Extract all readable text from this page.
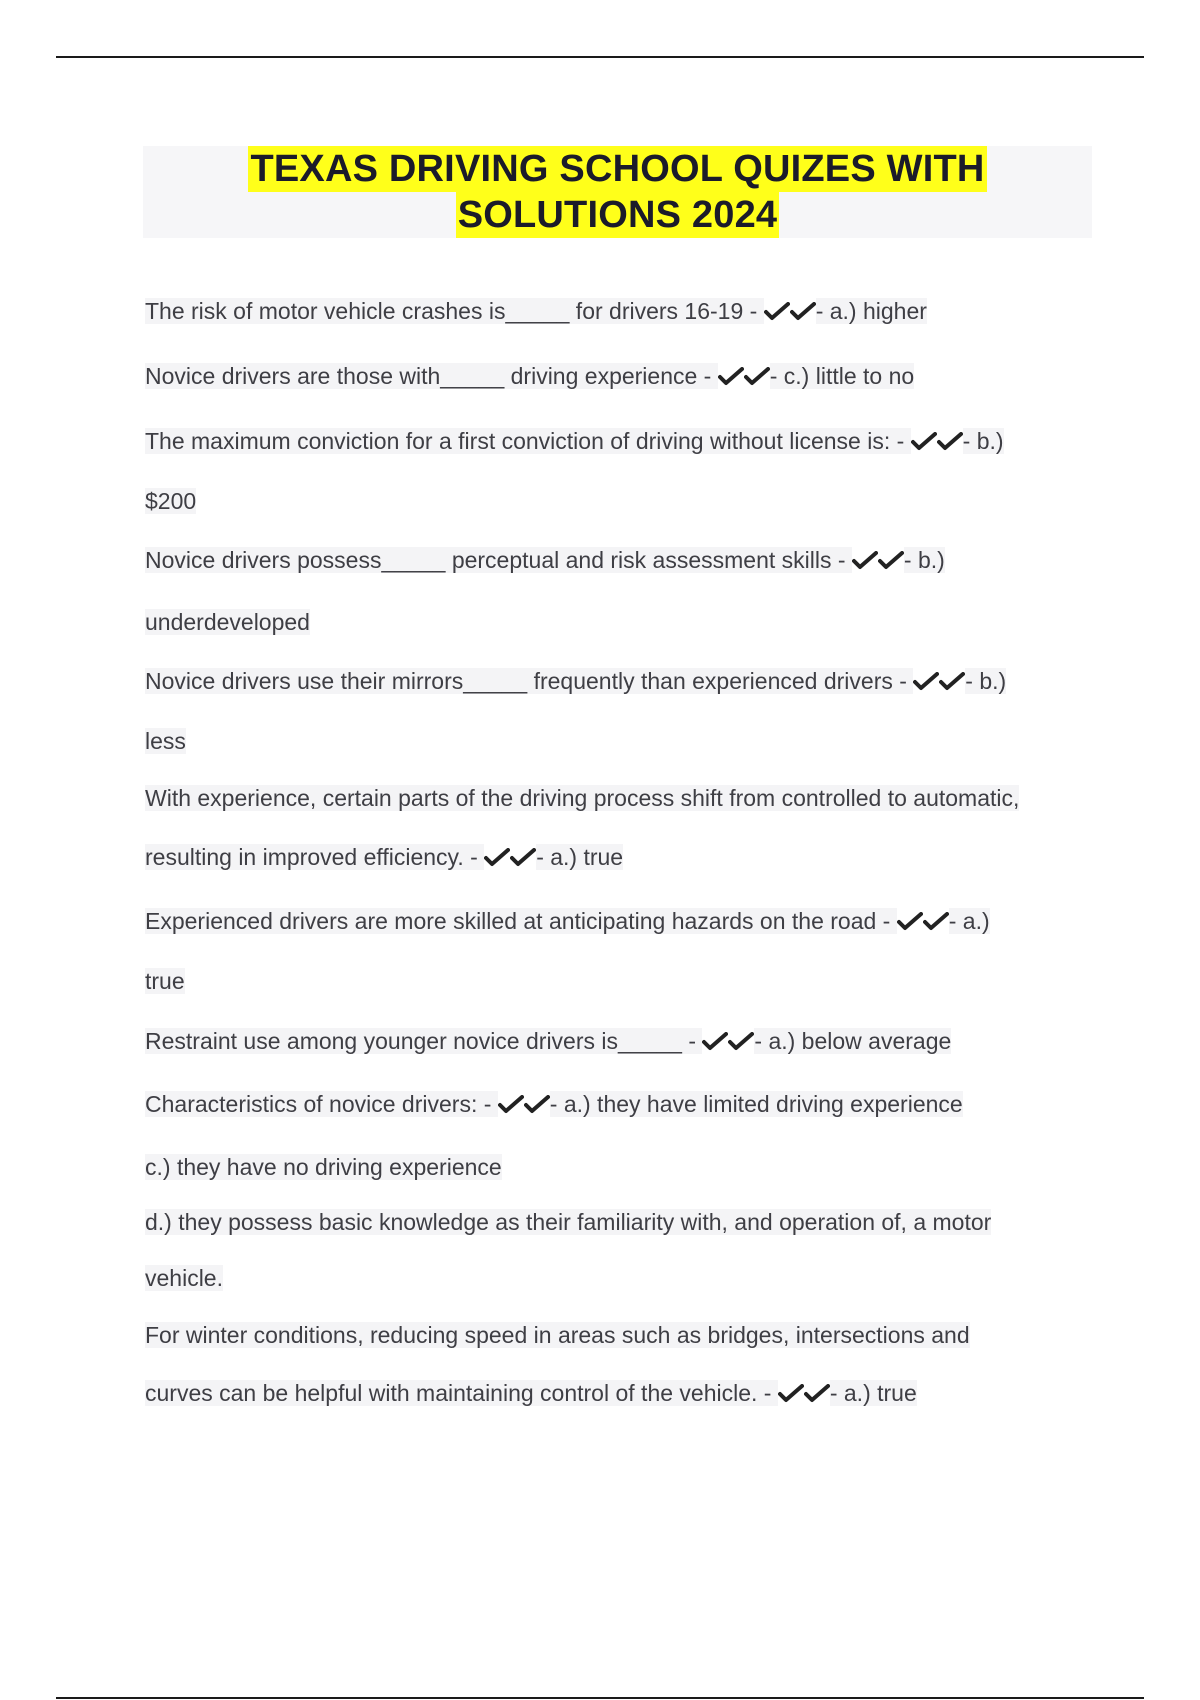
TEXAS DRIVING SCHOOL QUIZES WITH
SOLUTIONS 2024
The risk of motor vehicle crashes is_____ for drivers 16-19 -
- a.) higher
Novice drivers are those with_____ driving experience -
- c.) little to no
The maximum conviction for a first conviction of driving without license is: -
- b.)
$200
Novice drivers possess_____ perceptual and risk assessment skills -
- b.)
underdeveloped
Novice drivers use their mirrors_____ frequently than experienced drivers -
- b.)
less
With experience, certain parts of the driving process shift from controlled to automatic,
resulting in improved efficiency. -
- a.) true
Experienced drivers are more skilled at anticipating hazards on the road -
- a.)
true
Restraint use among younger novice drivers is_____ -
- a.) below average
Characteristics of novice drivers: -
- a.) they have limited driving experience
c.) they have no driving experience
d.) they possess basic knowledge as their familiarity with, and operation of, a motor
vehicle.
For winter conditions, reducing speed in areas such as bridges, intersections and
curves can be helpful with maintaining control of the vehicle. -
- a.) true
